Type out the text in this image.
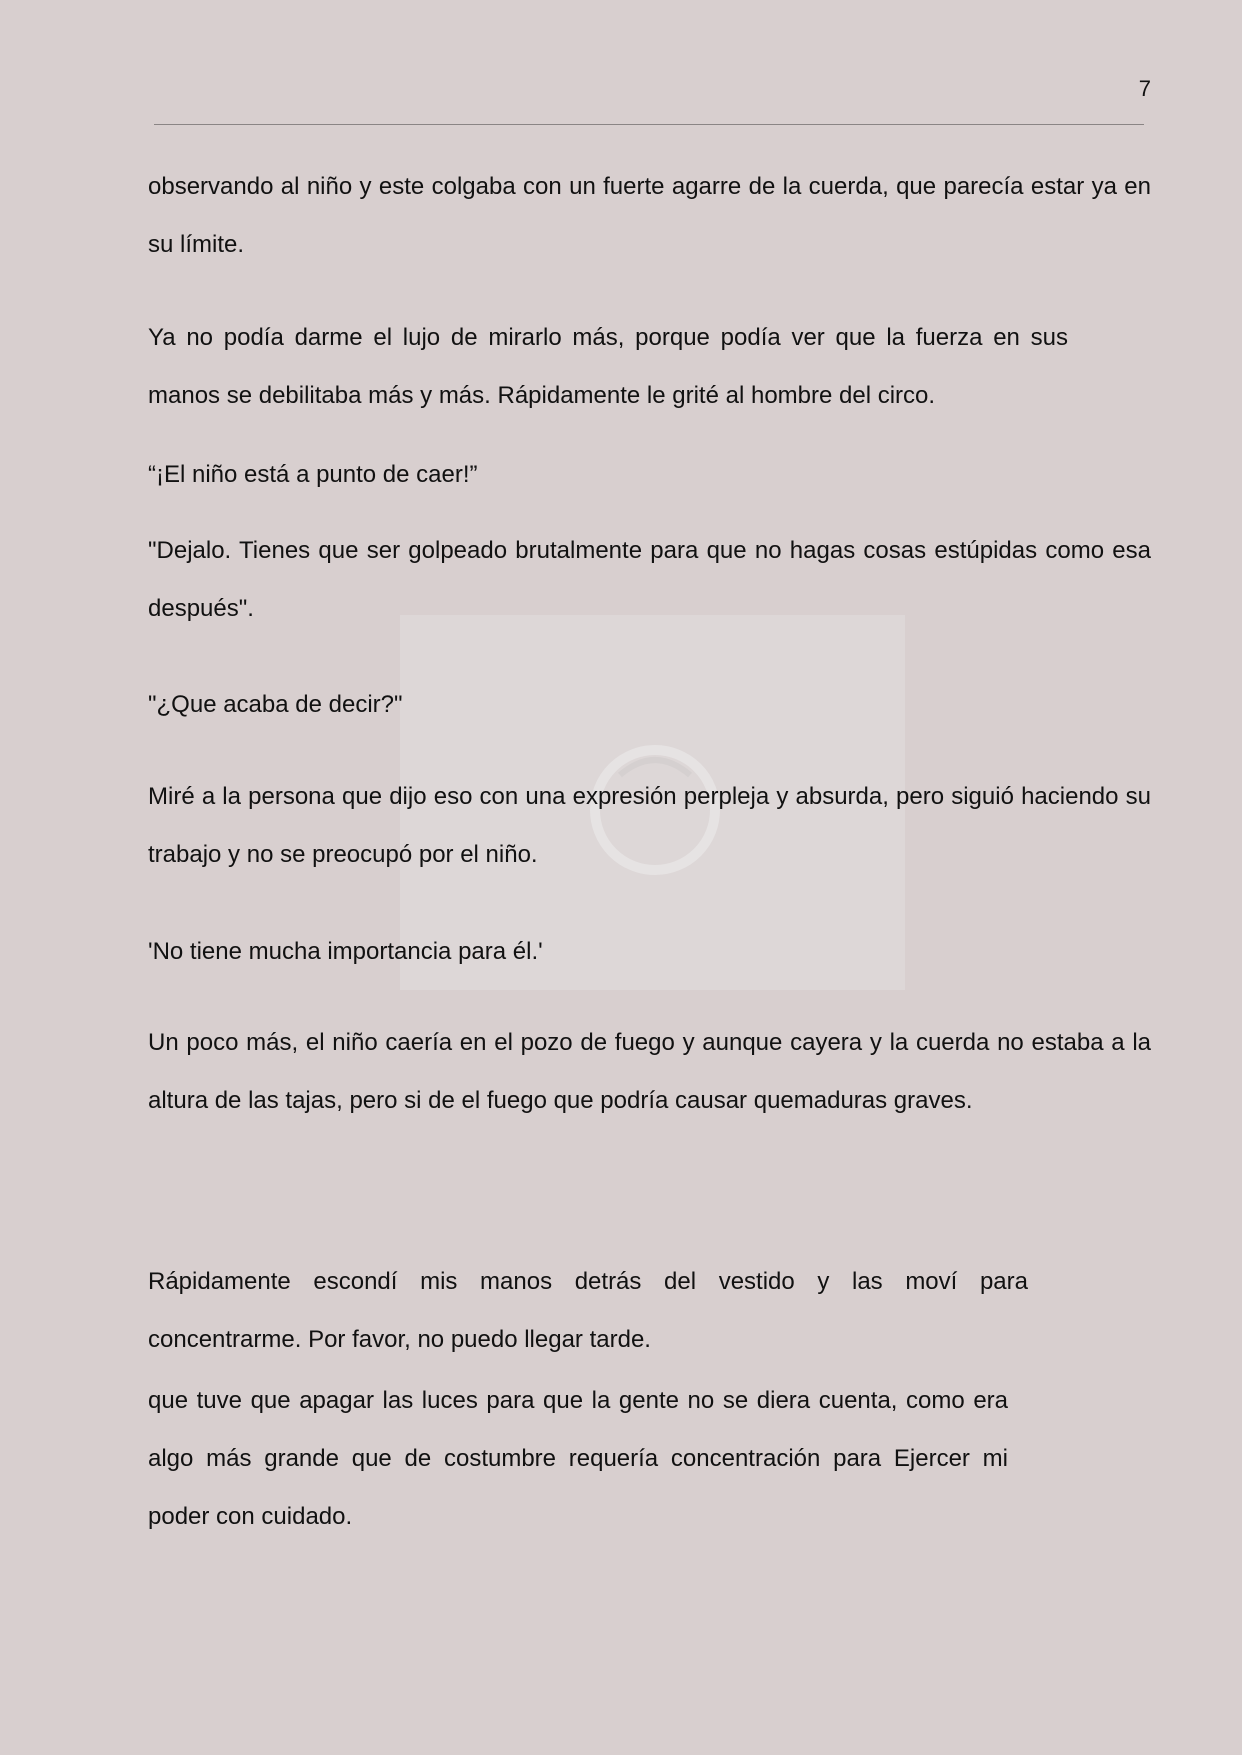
7

observando al niño y este colgaba con un fuerte agarre de la cuerda, que parecía estar ya en su límite.

Ya no podía darme el lujo de mirarlo más, porque podía ver que la fuerza en sus manos se debilitaba más y más. Rápidamente le grité al hombre del circo.

“¡El niño está a punto de caer!”

"Dejalo. Tienes que ser golpeado brutalmente para que no hagas cosas estúpidas como esa después".

"¿Que acaba de decir?"

Miré a la persona que dijo eso con una expresión perpleja y absurda, pero siguió haciendo su trabajo y no se preocupó por el niño.

'No tiene mucha importancia para él.'

Un poco más, el niño caería en el pozo de fuego y aunque cayera y la cuerda no estaba a la altura de las tajas, pero si de el fuego que podría causar quemaduras graves.

Rápidamente escondí mis manos detrás del vestido y las moví para concentrarme. Por favor, no puedo llegar tarde.

que tuve que apagar las luces para que la gente no se diera cuenta, como era algo más grande que de costumbre requería concentración para Ejercer mi poder con cuidado.
